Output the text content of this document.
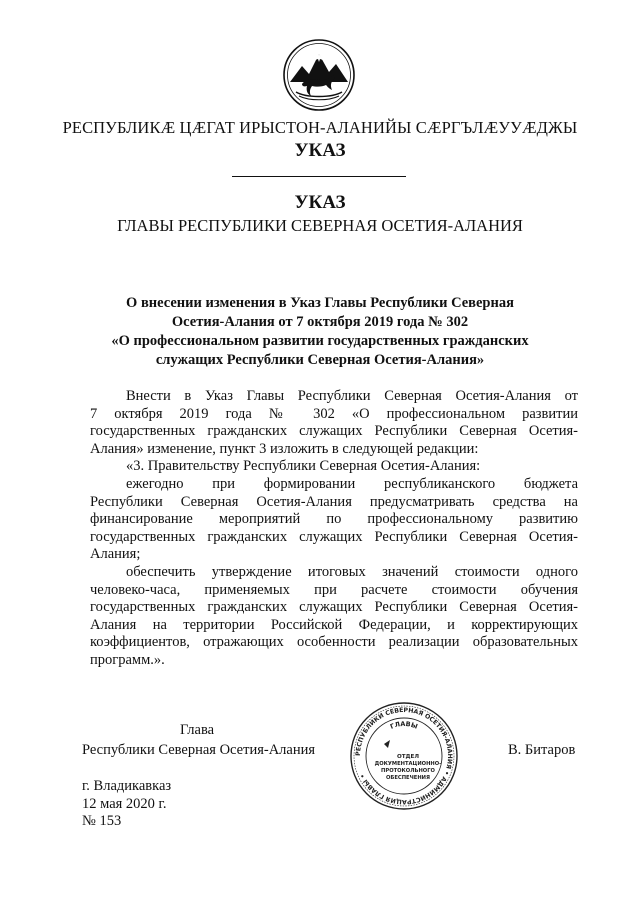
РЕСПУБЛИКӔ ЦӔГАТ ИРЫСТОН-АЛАНИЙЫ СӔРГЪЛӔУУӔДЖЫ
УКАЗ
УКАЗ
ГЛАВЫ РЕСПУБЛИКИ СЕВЕРНАЯ ОСЕТИЯ-АЛАНИЯ
О внесении изменения в Указ Главы Республики Северная
Осетия-Алания от 7 октября 2019 года № 302
«О профессиональном развитии государственных гражданских
служащих Республики Северная Осетия-Алания»
Внести в Указ Главы Республики Северная Осетия-Алания от
7 октября 2019 года № 302 «О профессиональном развитии
государственных гражданских служащих Республики Северная Осетия-
Алания» изменение, пункт 3 изложить в следующей редакции:
«3. Правительству Республики Северная Осетия-Алания:
ежегодно при формировании республиканского бюджета
Республики Северная Осетия-Алания предусматривать средства на
финансирование мероприятий по профессиональному развитию
государственных гражданских служащих Республики Северная Осетия-
Алания;
обеспечить утверждение итоговых значений стоимости одного
человеко-часа, применяемых при расчете стоимости обучения
государственных гражданских служащих Республики Северная Осетия-
Алания на территории Российской Федерации, и корректирующих
коэффициентов, отражающих особенности реализации образовательных
программ.».
Глава
Республики Северная Осетия-Алания	В. Битаров
РЕСПУБЛИКИ СЕВЕРНАЯ ОСЕТИЯ-АЛАНИЯ • АДМИНИСТРАЦИЯ ГЛАВЫ •
ГЛАВЫ
ОТДЕЛ
ДОКУМЕНТАЦИОННО-
ПРОТОКОЛЬНОГО
ОБЕСПЕЧЕНИЯ
г. Владикавказ
12 мая 2020 г.
№ 153
